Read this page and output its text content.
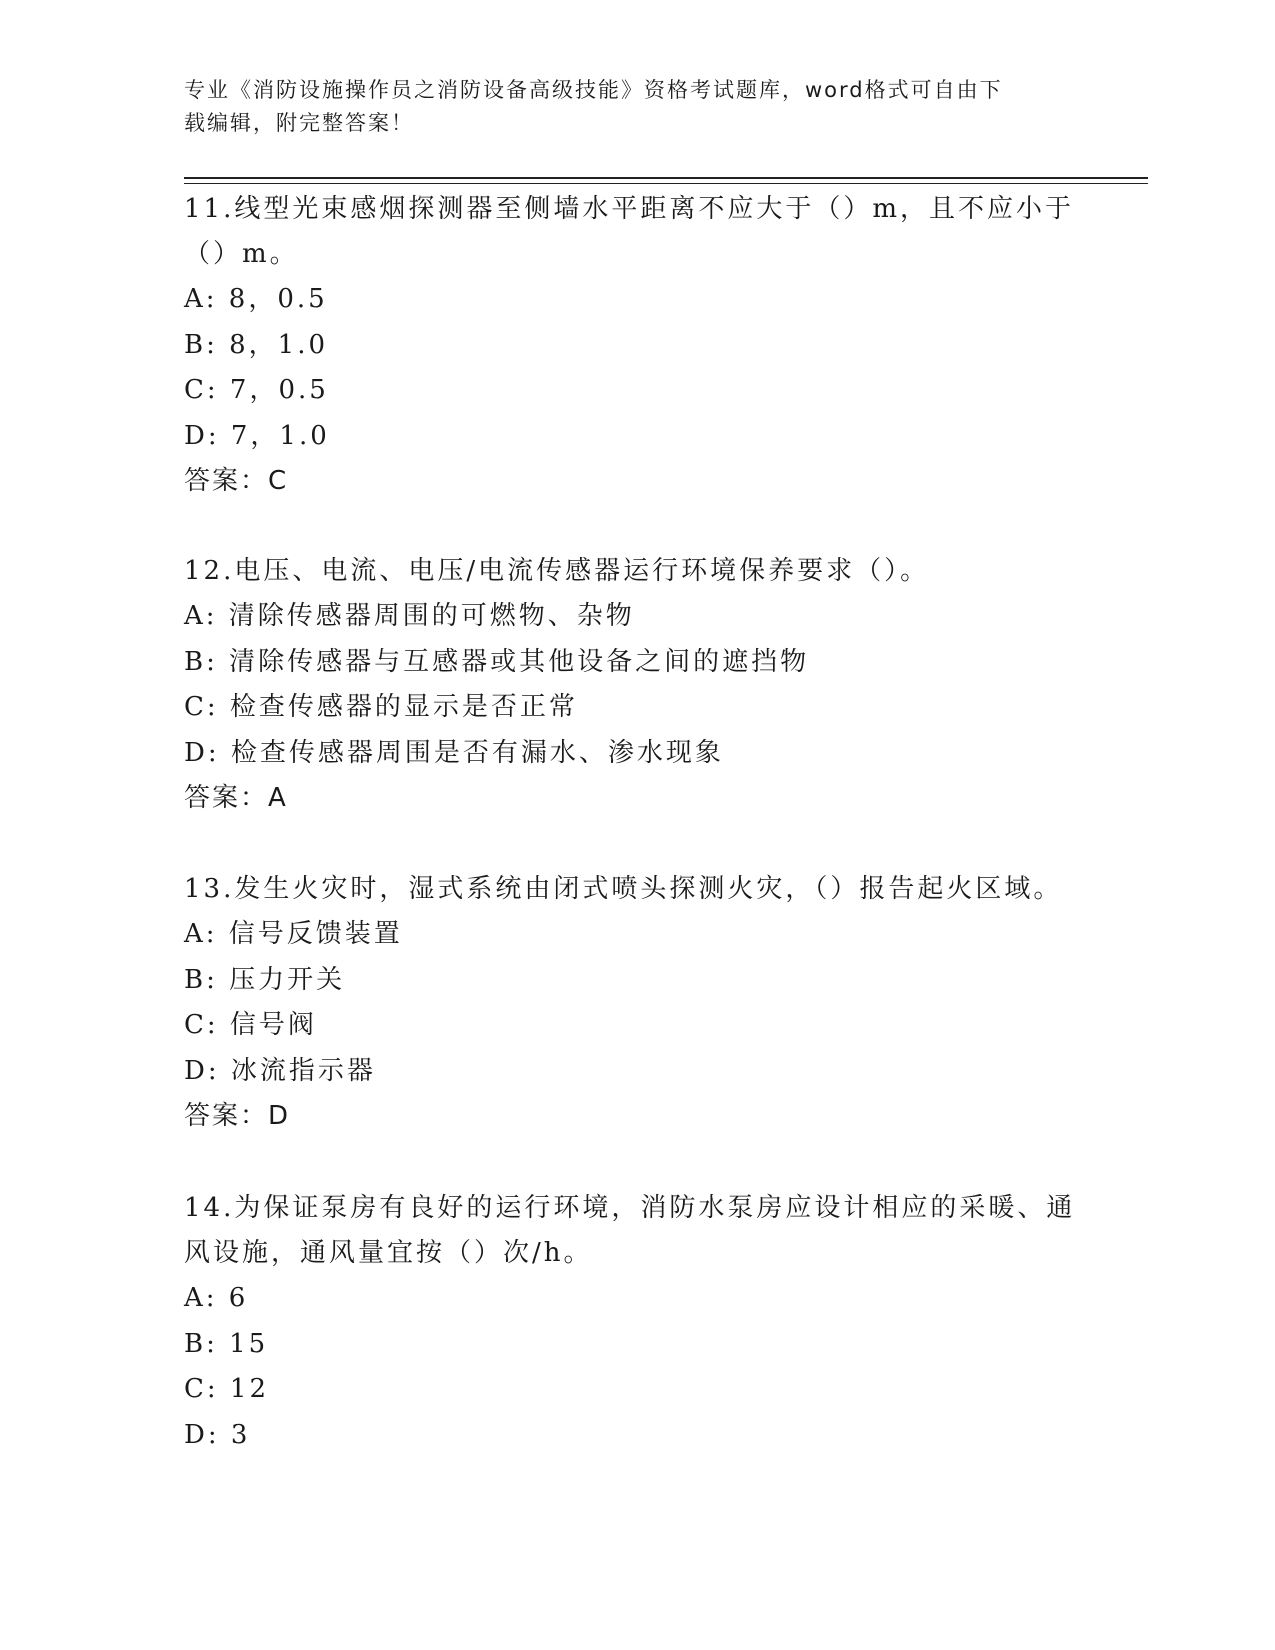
专业《消防设施操作员之消防设备高级技能》资格考试题库，word格式可自由下
载编辑，附完整答案！

11.线型光束感烟探测器至侧墙水平距离不应大于（）m，且不应小于

（）m。

A: 8，0.5

B: 8，1.0

C: 7，0.5

D: 7，1.0

答案：C

12.电压、电流、电压/电流传感器运行环境保养要求（）。

A: 清除传感器周围的可燃物、杂物

B: 清除传感器与互感器或其他设备之间的遮挡物

C: 检查传感器的显示是否正常

D: 检查传感器周围是否有漏水、渗水现象

答案：A

13.发生火灾时，湿式系统由闭式喷头探测火灾，（）报告起火区域。

A: 信号反馈装置

B: 压力开关

C: 信号阀

D: 冰流指示器

答案：D

14.为保证泵房有良好的运行环境，消防水泵房应设计相应的采暖、通

风设施，通风量宜按（）次/h。

A: 6

B: 15

C: 12

D: 3
